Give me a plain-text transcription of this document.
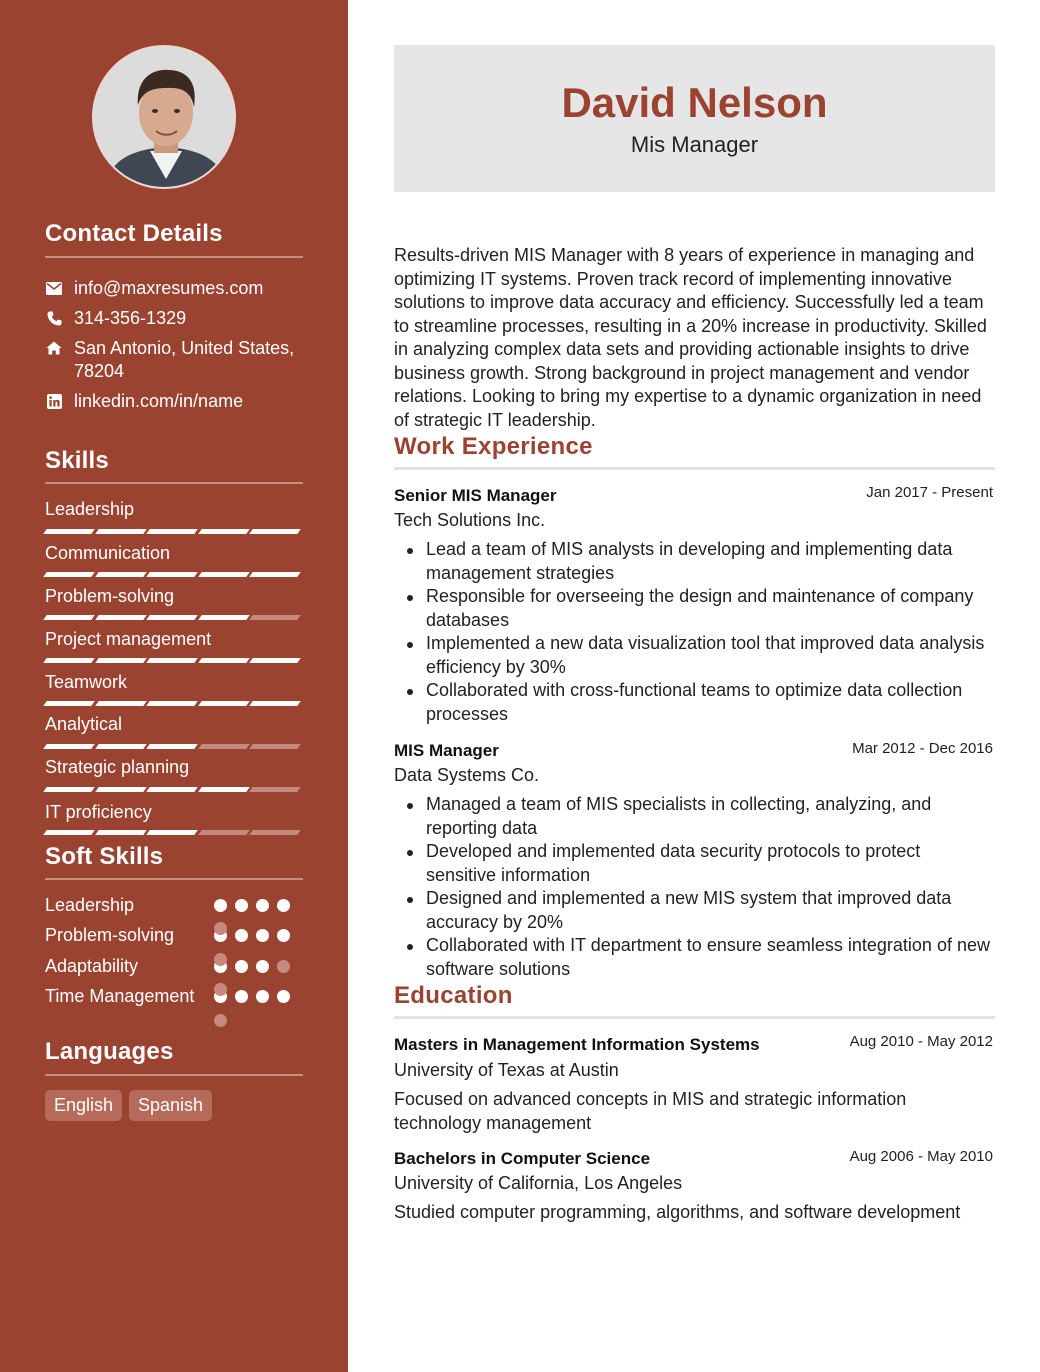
Contact Details
info@maxresumes.com
314-356-1329
San Antonio, United States,
78204
linkedin.com/in/name
Skills
Leadership
Communication
Problem-solving
Project management
Teamwork
Analytical
Strategic planning
IT proficiency
Soft Skills
Leadership
Problem-solving
Adaptability
Time Management
Languages
English	Spanish
David Nelson
Mis Manager

Results-driven MIS Manager with 8 years of experience in managing and optimizing IT systems. Proven track record of implementing innovative solutions to improve data accuracy and efficiency. Successfully led a team to streamline processes, resulting in a 20% increase in productivity. Skilled in analyzing complex data sets and providing actionable insights to drive business growth. Strong background in project management and vendor relations. Looking to bring my expertise to a dynamic organization in need of strategic IT leadership.

Work Experience
Senior MIS Manager	Jan 2017 - Present
Tech Solutions Inc.
Lead a team of MIS analysts in developing and implementing data management strategies
Responsible for overseeing the design and maintenance of company databases
Implemented a new data visualization tool that improved data analysis efficiency by 30%
Collaborated with cross-functional teams to optimize data collection processes
MIS Manager	Mar 2012 - Dec 2016
Data Systems Co.
Managed a team of MIS specialists in collecting, analyzing, and reporting data
Developed and implemented data security protocols to protect sensitive information
Designed and implemented a new MIS system that improved data accuracy by 20%
Collaborated with IT department to ensure seamless integration of new software solutions
Education
Masters in Management Information Systems	Aug 2010 - May 2012
University of Texas at Austin

Focused on advanced concepts in MIS and strategic information technology management

Bachelors in Computer Science	Aug 2006 - May 2010
University of California, Los Angeles

Studied computer programming, algorithms, and software development
